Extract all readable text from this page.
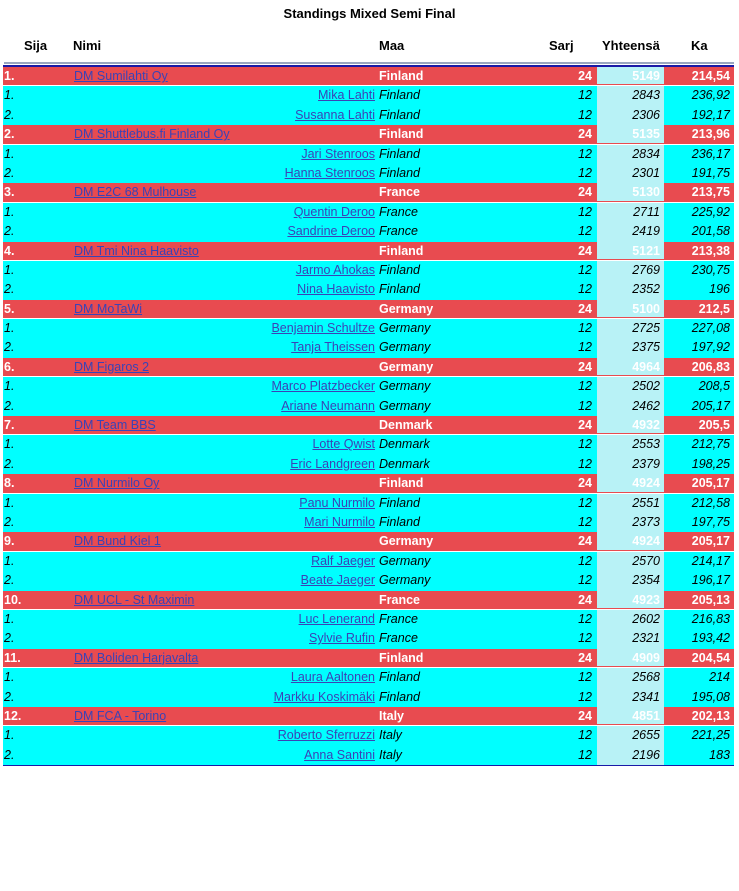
Standings Mixed Semi Final
Sija Nimi	Maa	Sarj Yhteensä Ka
1.	DM Sumilahti Oy	Finland	24	5149	214,54
1.	Mika Lahti Finland	12	2843	236,92
2.	Susanna Lahti Finland	12	2306	192,17
2.	DM Shuttlebus.fi Finland Oy	Finland	24	5135	213,96
1.	Jari Stenroos Finland	12	2834	236,17
2.	Hanna Stenroos Finland	12	2301	191,75
3.	DM E2C 68 Mulhouse	France	24	5130	213,75
1.	Quentin Deroo France	12	2711	225,92
2.	Sandrine Deroo France	12	2419	201,58
4.	DM Tmi Nina Haavisto	Finland	24	5121	213,38
1.	Jarmo Ahokas Finland	12	2769	230,75
2.	Nina Haavisto Finland	12	2352	196
5.	DM MoTaWi	Germany	24	5100	212,5
1.	Benjamin Schultze Germany	12	2725	227,08
2.	Tanja Theissen Germany	12	2375	197,92
6.	DM Figaros 2	Germany	24	4964	206,83
1.	Marco Platzbecker Germany	12	2502	208,5
2.	Ariane Neumann Germany	12	2462	205,17
7.	DM Team BBS	Denmark	24	4932	205,5
1.	Lotte Qwist Denmark	12	2553	212,75
2.	Eric Landgreen Denmark	12	2379	198,25
8.	DM Nurmilo Oy	Finland	24	4924	205,17
1.	Panu Nurmilo Finland	12	2551	212,58
2.	Mari Nurmilo Finland	12	2373	197,75
9.	DM Bund Kiel 1	Germany	24	4924	205,17
1.	Ralf Jaeger Germany	12	2570	214,17
2.	Beate Jaeger Germany	12	2354	196,17
10.	DM UCL - St Maximin	France	24	4923	205,13
1.	Luc Lenerand France	12	2602	216,83
2.	Sylvie Rufin France	12	2321	193,42
11.	DM Boliden Harjavalta	Finland	24	4909	204,54
1.	Laura Aaltonen Finland	12	2568	214
2.	Markku Koskimäki Finland	12	2341	195,08
12.	DM FCA - Torino	Italy	24	4851	202,13
1.	Roberto Sferruzzi Italy	12	2655	221,25
2.	Anna Santini Italy	12	2196	183
